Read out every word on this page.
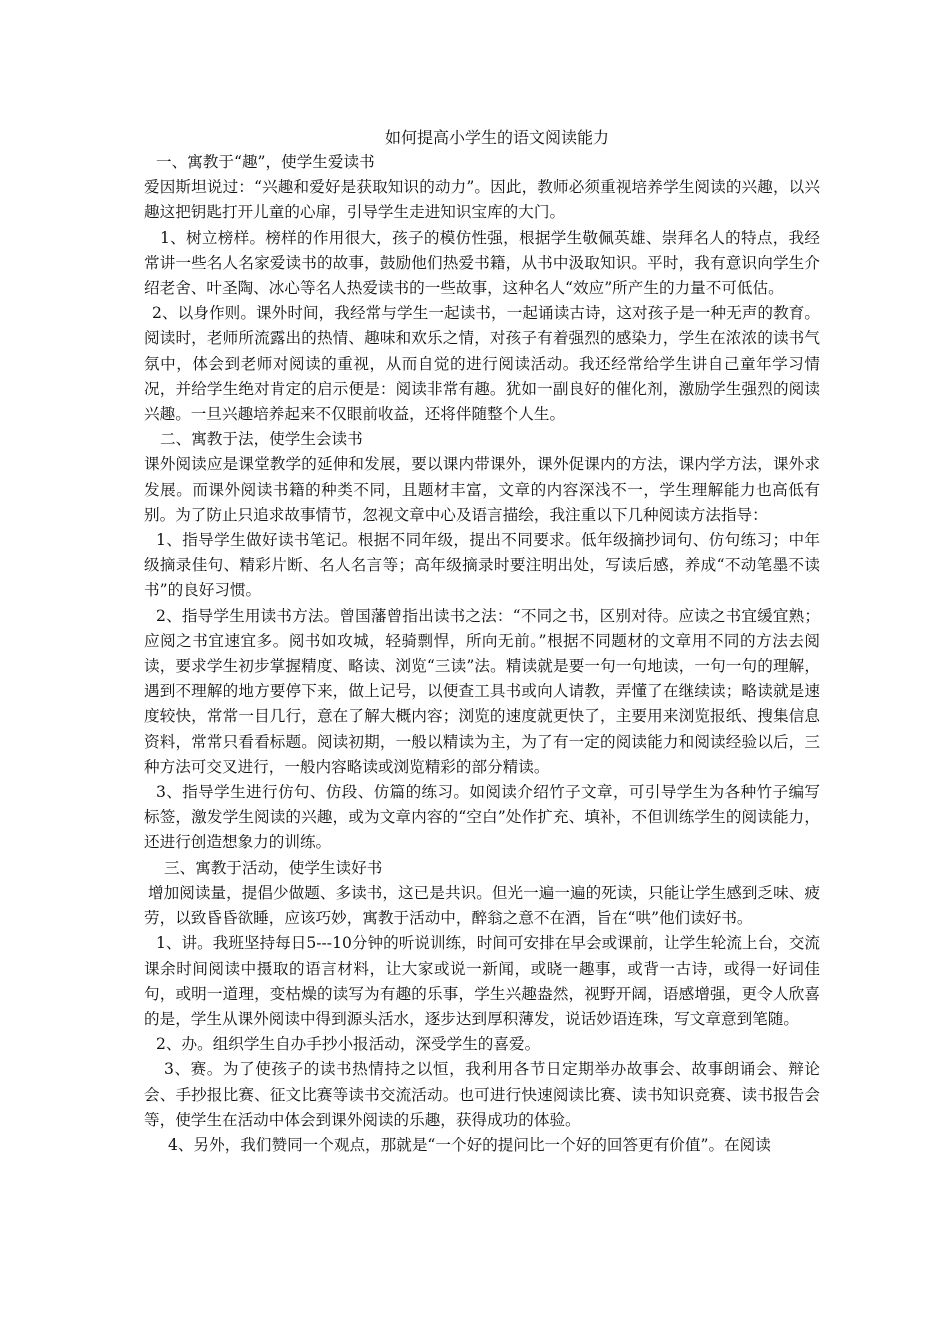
如何提高小学生的语文阅读能力

一、寓教于“趣”，使学生爱读书

爱因斯坦说过：“兴趣和爱好是获取知识的动力”。因此，教师必须重视培养学生阅读的兴趣，以兴趣这把钥匙打开儿童的心扉，引导学生走进知识宝库的大门。

1、树立榜样。榜样的作用很大，孩子的模仿性强，根据学生敬佩英雄、崇拜名人的特点，我经常讲一些名人名家爱读书的故事，鼓励他们热爱书籍，从书中汲取知识。平时，我有意识向学生介绍老舍、叶圣陶、冰心等名人热爱读书的一些故事，这种名人“效应”所产生的力量不可低估。

2、以身作则。课外时间，我经常与学生一起读书，一起诵读古诗，这对孩子是一种无声的教育。阅读时，老师所流露出的热情、趣味和欢乐之情，对孩子有着强烈的感染力，学生在浓浓的读书气氛中，体会到老师对阅读的重视，从而自觉的进行阅读活动。我还经常给学生讲自己童年学习情况，并给学生绝对肯定的启示便是：阅读非常有趣。犹如一副良好的催化剂，激励学生强烈的阅读兴趣。一旦兴趣培养起来不仅眼前收益，还将伴随整个人生。

二、寓教于法，使学生会读书

课外阅读应是课堂教学的延伸和发展，要以课内带课外，课外促课内的方法，课内学方法，课外求发展。而课外阅读书籍的种类不同，且题材丰富，文章的内容深浅不一，学生理解能力也高低有别。为了防止只追求故事情节，忽视文章中心及语言描绘，我注重以下几种阅读方法指导：

1、指导学生做好读书笔记。根据不同年级，提出不同要求。低年级摘抄词句、仿句练习；中年级摘录佳句、精彩片断、名人名言等；高年级摘录时要注明出处，写读后感，养成“不动笔墨不读书”的良好习惯。

2、指导学生用读书方法。曾国藩曾指出读书之法：“不同之书，区别对待。应读之书宜缓宜熟；应阅之书宜速宜多。阅书如攻城，轻骑剽悍，所向无前。”根据不同题材的文章用不同的方法去阅读，要求学生初步掌握精度、略读、浏览“三读”法。精读就是要一句一句地读，一句一句的理解，遇到不理解的地方要停下来，做上记号，以便查工具书或向人请教，弄懂了在继续读；略读就是速度较快，常常一目几行，意在了解大概内容；浏览的速度就更快了，主要用来浏览报纸、搜集信息资料，常常只看看标题。阅读初期，一般以精读为主，为了有一定的阅读能力和阅读经验以后，三种方法可交叉进行，一般内容略读或浏览精彩的部分精读。

3、指导学生进行仿句、仿段、仿篇的练习。如阅读介绍竹子文章，可引导学生为各种竹子编写标签，激发学生阅读的兴趣，或为文章内容的“空白”处作扩充、填补，不但训练学生的阅读能力，还进行创造想象力的训练。

三、寓教于活动，使学生读好书

增加阅读量，提倡少做题、多读书，这已是共识。但光一遍一遍的死读，只能让学生感到乏味、疲劳，以致昏昏欲睡，应该巧妙，寓教于活动中，醉翁之意不在酒，旨在“哄”他们读好书。

1、讲。我班坚持每日5---10分钟的听说训练，时间可安排在早会或课前，让学生轮流上台，交流课余时间阅读中摄取的语言材料，让大家或说一新闻，或晓一趣事，或背一古诗，或得一好词佳句，或明一道理，变枯燥的读写为有趣的乐事，学生兴趣盎然，视野开阔，语感增强，更令人欣喜的是，学生从课外阅读中得到源头活水，逐步达到厚积薄发，说话妙语连珠，写文章意到笔随。

2、办。组织学生自办手抄小报活动，深受学生的喜爱。

3、赛。为了使孩子的读书热情持之以恒，我利用各节日定期举办故事会、故事朗诵会、辩论会、手抄报比赛、征文比赛等读书交流活动。也可进行快速阅读比赛、读书知识竞赛、读书报告会等，使学生在活动中体会到课外阅读的乐趣，获得成功的体验。

4、另外，我们赞同一个观点，那就是“一个好的提问比一个好的回答更有价值”。在阅读
